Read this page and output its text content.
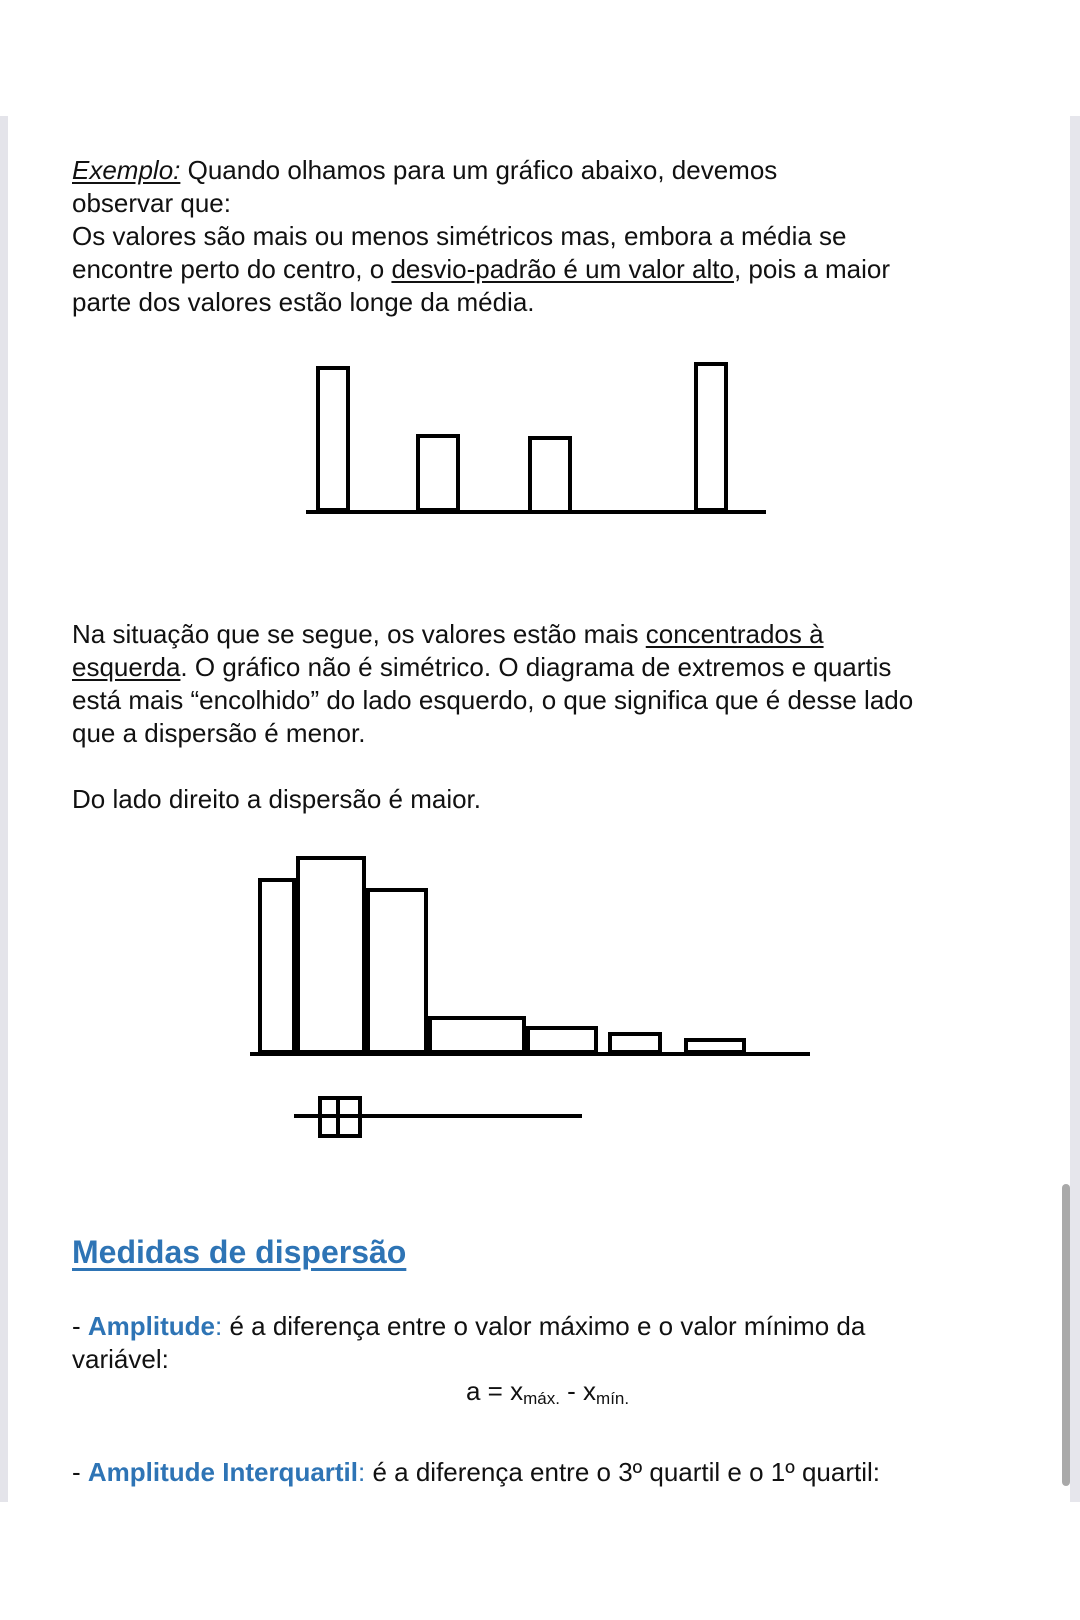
Exemplo: Quando olhamos para um gráfico abaixo, devemos

observar que:

Os valores são mais ou menos simétricos mas, embora a média se

encontre perto do centro, o desvio-padrão é um valor alto, pois a maior

parte dos valores estão longe da média.

Na situação que se segue, os valores estão mais concentrados à

esquerda. O gráfico não é simétrico. O diagrama de extremos e quartis

está mais “encolhido” do lado esquerdo, o que significa que é desse lado

que a dispersão é menor.

Do lado direito a dispersão é maior.

Medidas de dispersão

- Amplitude: é a diferença entre o valor máximo e o valor mínimo da

variável:

$a = x_{máx.} - x_{mín.}$

- Amplitude Interquartil: é a diferença entre o 3º quartil e o 1º quartil:
